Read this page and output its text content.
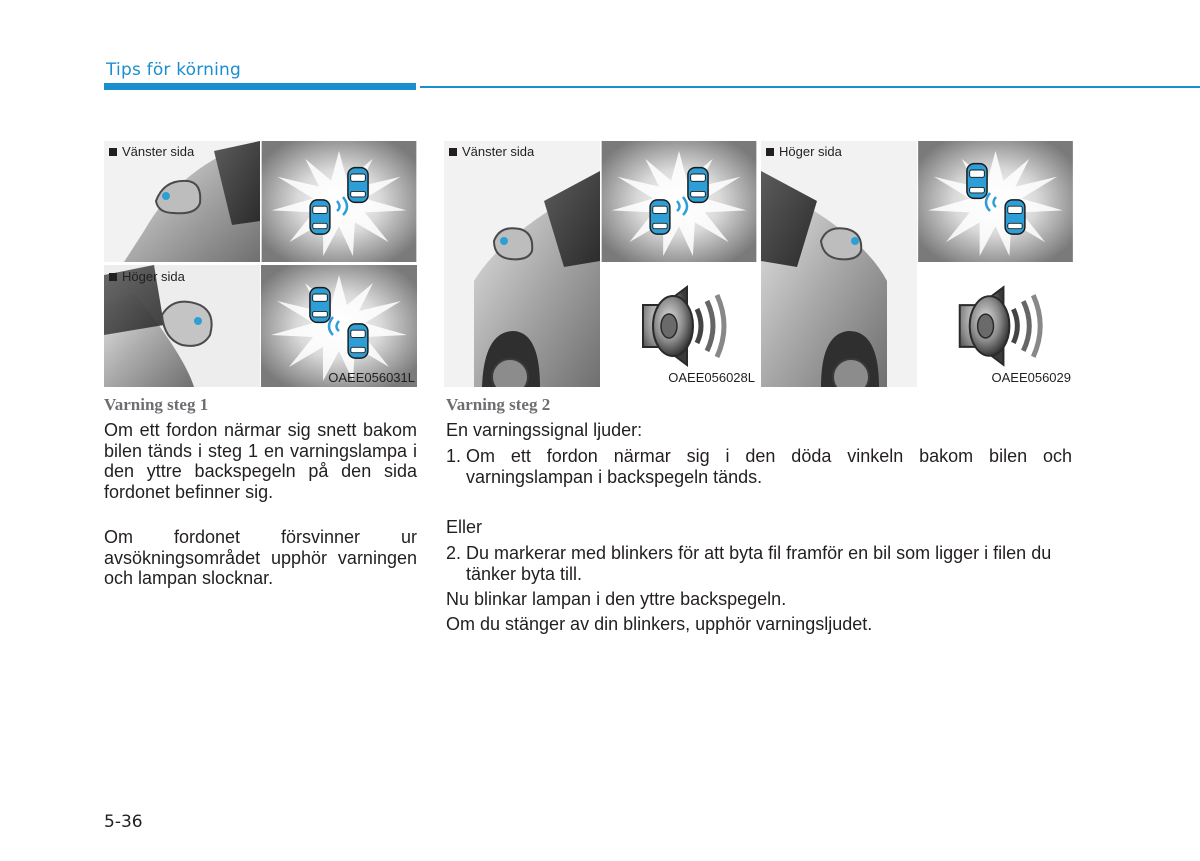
Tips för körning
Vänster sida
Höger sida
OAEE056031L
Vänster sida
OAEE056028L
Höger sida
OAEE056029
Varning steg 1

Om ett fordon närmar sig snett bakom bilen tänds i steg 1 en varningslampa i den yttre backspegeln på den sida fordonet befinner sig.

Om fordonet försvinner ur avsökningsområdet upphör varningen och lampan slocknar.

Varning steg 2

En varningssignal ljuder:

1. Om ett fordon närmar sig i den döda vinkeln bakom bilen och varningslampan i backspegeln tänds.

Eller

2. Du markerar med blinkers för att byta fil framför en bil som ligger i filen du tänker byta till.

Nu blinkar lampan i den yttre backspegeln.

Om du stänger av din blinkers, upphör varningsljudet.

5-36
